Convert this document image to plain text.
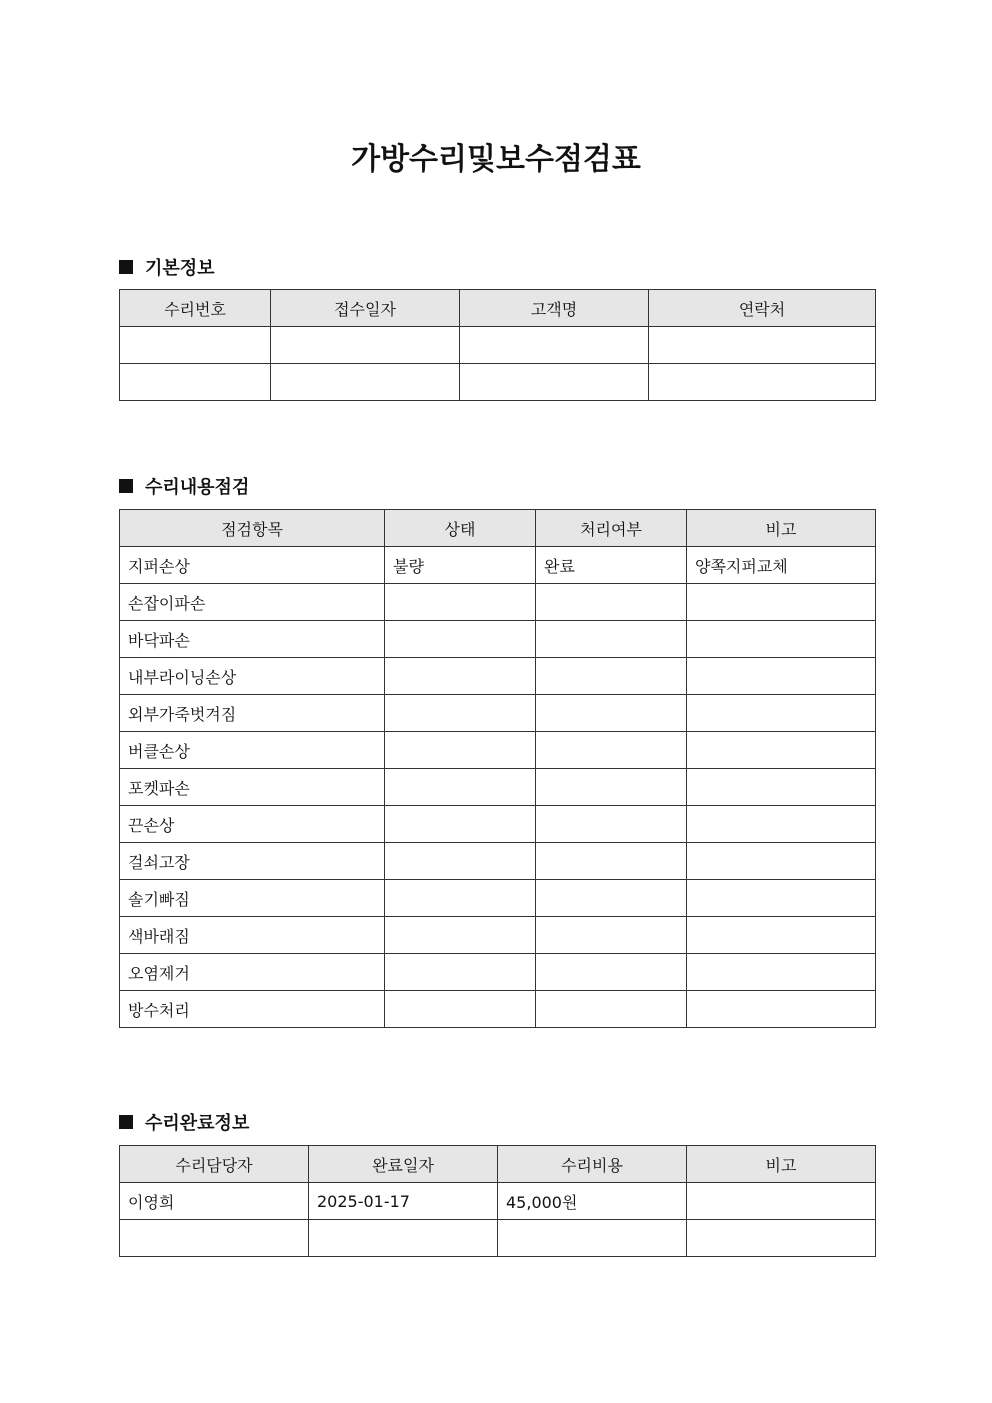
가방수리및보수점검표
기본정보
수리번호	접수일자	고객명	연락처

수리내용점검
점검항목	상태	처리여부	비고
지퍼손상	불량	완료	양쪽지퍼교체
손잡이파손			
바닥파손			
내부라이닝손상			
외부가죽벗겨짐			
버클손상			
포켓파손			
끈손상			
걸쇠고장			
솔기빠짐			
색바래짐			
오염제거			
방수처리			
수리완료정보
수리담당자	완료일자	수리비용	비고
이영희	2025-01-17	45,000원	
